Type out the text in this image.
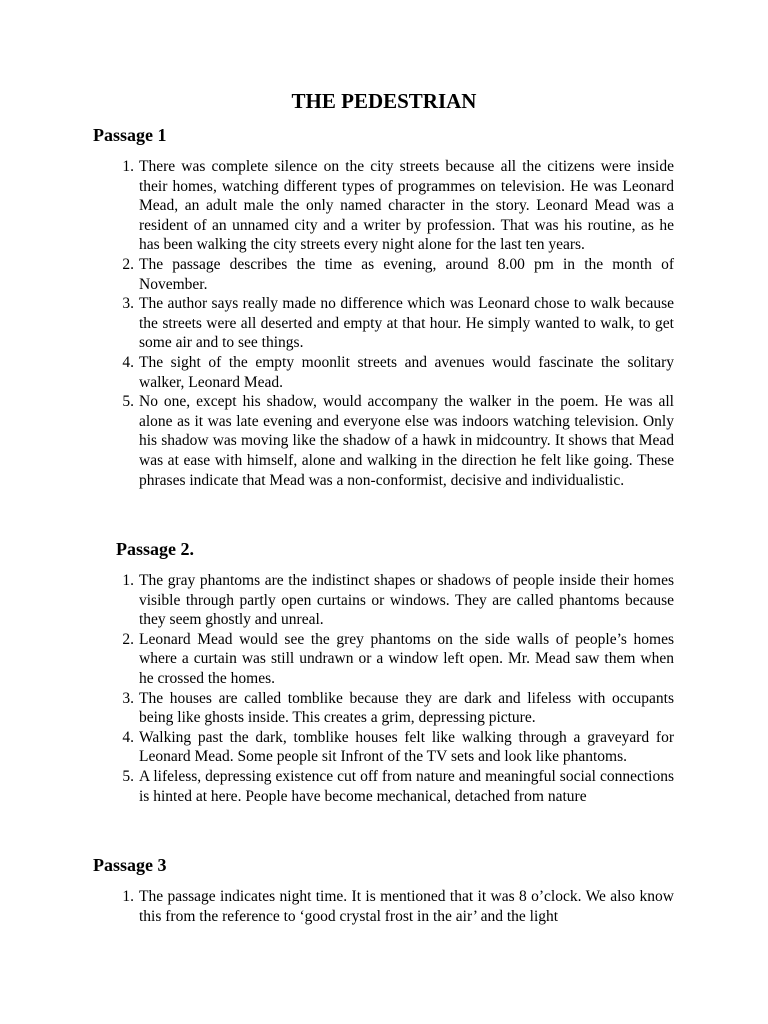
THE PEDESTRIAN
Passage 1
1. There was complete silence on the city streets because all the citizens were inside their homes, watching different types of programmes on television. He was Leonard Mead, an adult male the only named character in the story. Leonard Mead was a resident of an unnamed city and a writer by profession. That was his routine, as he has been walking the city streets every night alone for the last ten years.
2. The passage describes the time as evening, around 8.00 pm in the month of November.
3. The author says really made no difference which was Leonard chose to walk because the streets were all deserted and empty at that hour. He simply wanted to walk, to get some air and to see things.
4. The sight of the empty moonlit streets and avenues would fascinate the solitary walker, Leonard Mead.
5. No one, except his shadow, would accompany the walker in the poem. He was all alone as it was late evening and everyone else was indoors watching television. Only his shadow was moving like the shadow of a hawk in midcountry. It shows that Mead was at ease with himself, alone and walking in the direction he felt like going. These phrases indicate that Mead was a non-conformist, decisive and individualistic.
Passage 2.
1. The gray phantoms are the indistinct shapes or shadows of people inside their homes visible through partly open curtains or windows. They are called phantoms because they seem ghostly and unreal.
2. Leonard Mead would see the grey phantoms on the side walls of people’s homes where a curtain was still undrawn or a window left open. Mr. Mead saw them when he crossed the homes.
3. The houses are called tomblike because they are dark and lifeless with occupants being like ghosts inside. This creates a grim, depressing picture.
4. Walking past the dark, tomblike houses felt like walking through a graveyard for Leonard Mead. Some people sit Infront of the TV sets and look like phantoms.
5. A lifeless, depressing existence cut off from nature and meaningful social connections is hinted at here. People have become mechanical, detached from nature
Passage 3
1. The passage indicates night time. It is mentioned that it was 8 o’clock. We also know this from the reference to ‘good crystal frost in the air’ and the light
